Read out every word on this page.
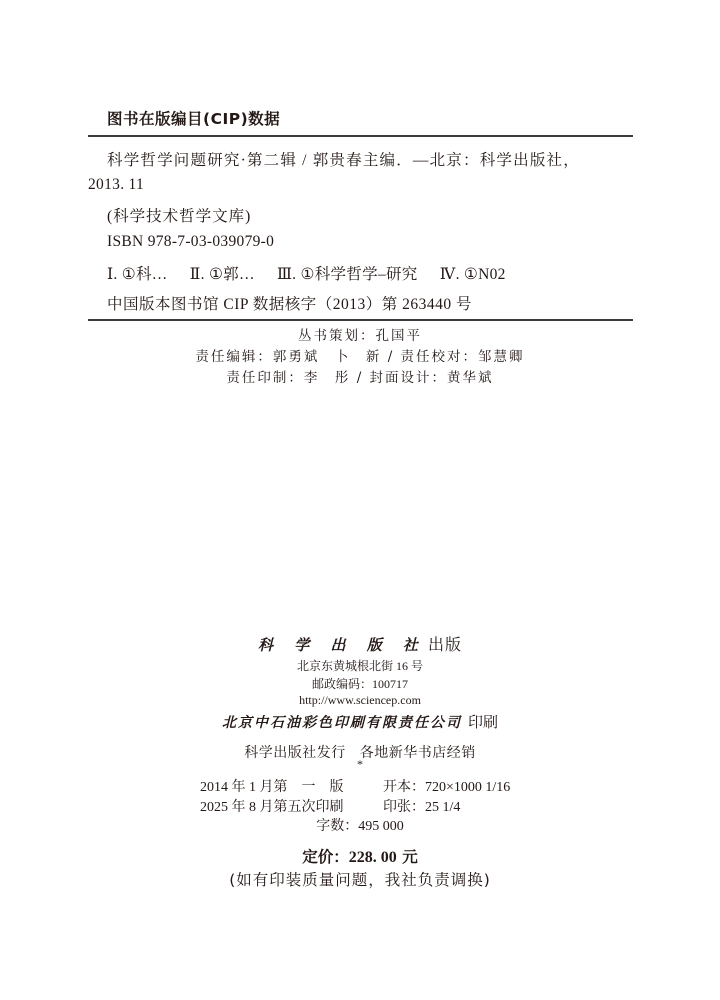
图书在版编目(CIP)数据
科学哲学问题研究·第二辑 / 郭贵春主编．—北京：科学出版社，
2013. 11
(科学技术哲学文库)
ISBN 978-7-03-039079-0
Ⅰ. ①科… Ⅱ. ①郭… Ⅲ. ①科学哲学–研究 Ⅳ. ①N02
中国版本图书馆 CIP 数据核字（2013）第 263440 号
丛书策划：孔国平
责任编辑：郭勇斌　卜　新 / 责任校对：邹慧卿
责任印制：李　彤 / 封面设计：黄华斌
科 学 出 版 社 出版
北京东黄城根北街 16 号
邮政编码：100717
http://www.sciencep.com
北京中石油彩色印刷有限责任公司 印刷
科学出版社发行 各地新华书店经销
*
2014 年 1 月第　一　版	开本：720×1000 1/16
2025 年 8 月第五次印刷	印张：25 1/4
字数：495 000
定价：228. 00 元
(如有印装质量问题，我社负责调换)
